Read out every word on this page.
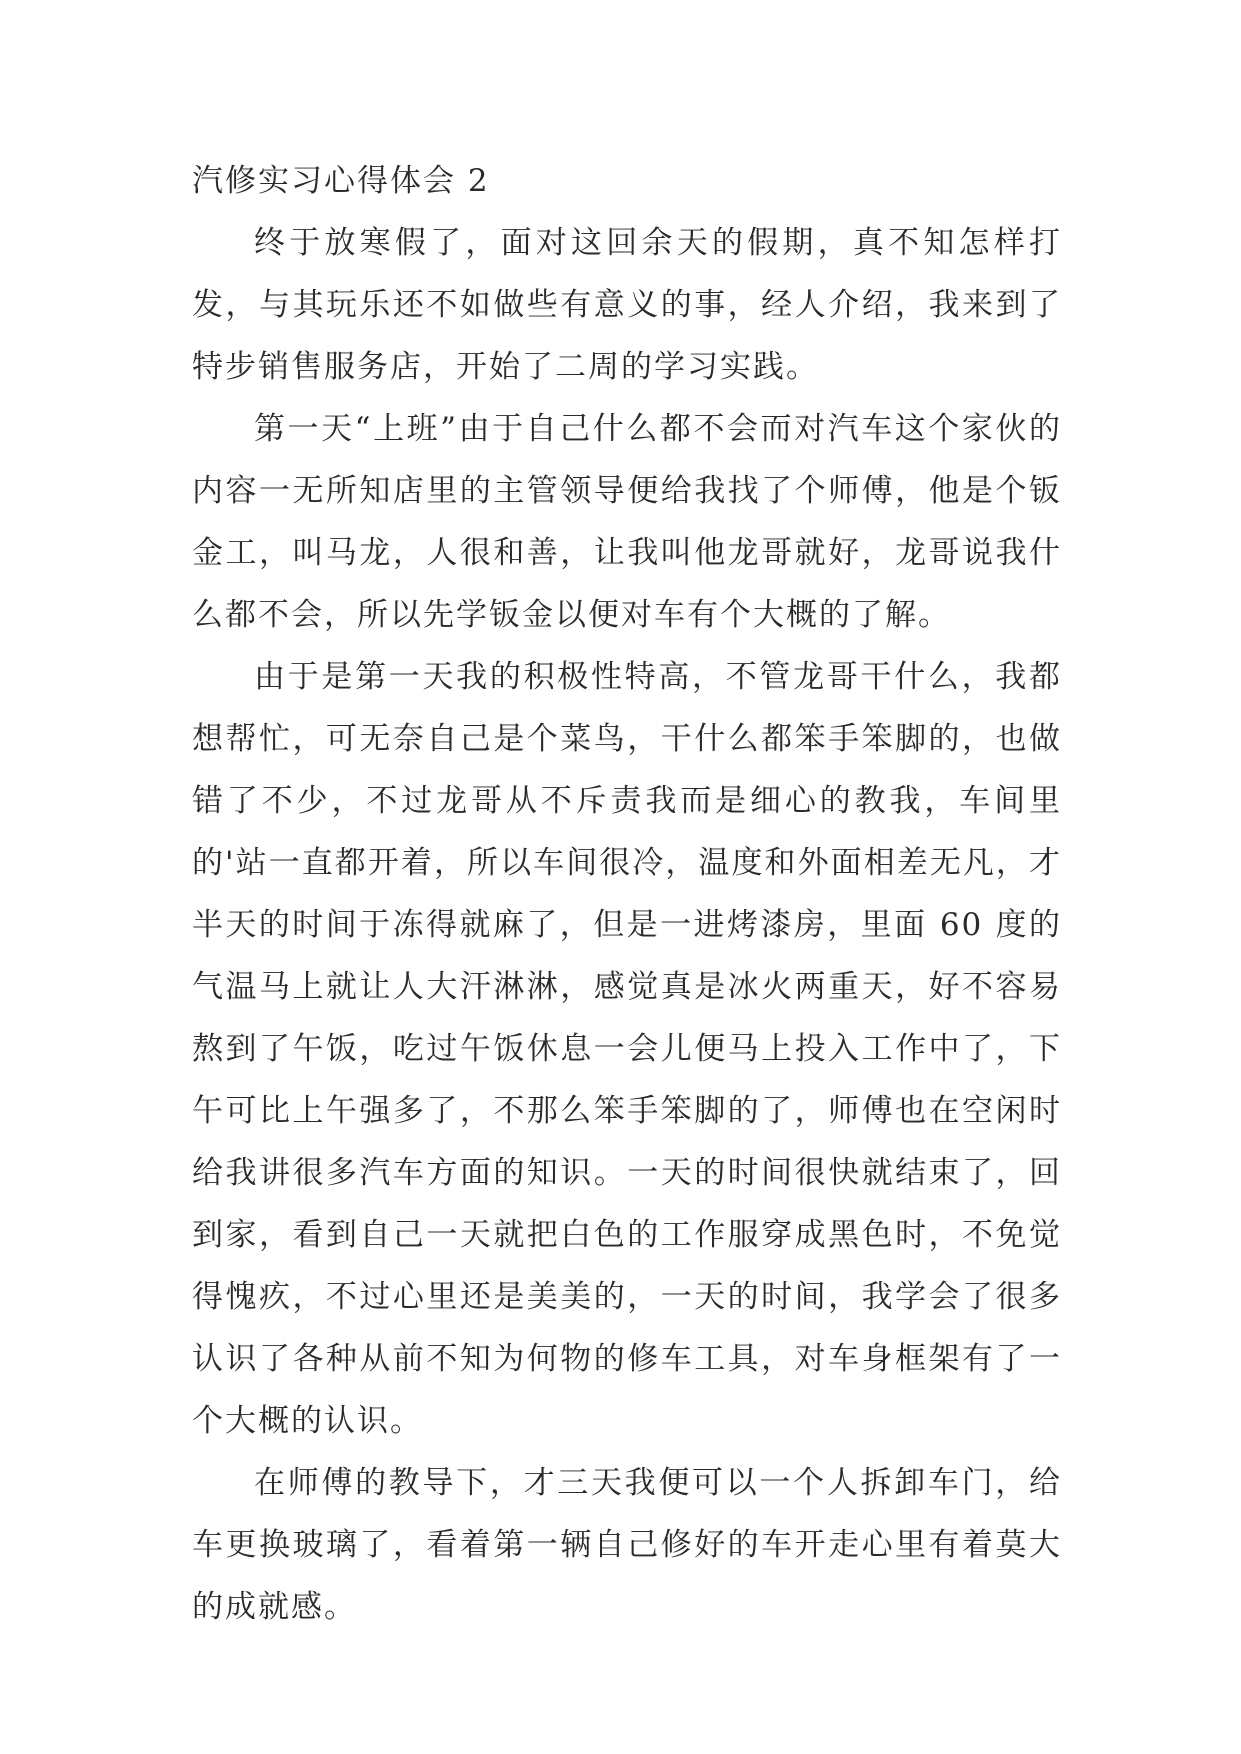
汽修实习心得体会 2

终于放寒假了，面对这回余天的假期，真不知怎样打发，与其玩乐还不如做些有意义的事，经人介绍，我来到了特步销售服务店，开始了二周的学习实践。

第一天“上班”由于自己什么都不会而对汽车这个家伙的内容一无所知店里的主管领导便给我找了个师傅，他是个钣金工，叫马龙，人很和善，让我叫他龙哥就好，龙哥说我什么都不会，所以先学钣金以便对车有个大概的了解。

由于是第一天我的积极性特高，不管龙哥干什么，我都想帮忙，可无奈自己是个菜鸟，干什么都笨手笨脚的，也做错了不少，不过龙哥从不斥责我而是细心的教我，车间里的'站一直都开着，所以车间很冷，温度和外面相差无凡，才半天的时间于冻得就麻了，但是一进烤漆房，里面 60 度的气温马上就让人大汗淋淋，感觉真是冰火两重天，好不容易熬到了午饭，吃过午饭休息一会儿便马上投入工作中了，下午可比上午强多了，不那么笨手笨脚的了，师傅也在空闲时给我讲很多汽车方面的知识。一天的时间很快就结束了，回到家，看到自己一天就把白色的工作服穿成黑色时，不免觉得愧疚，不过心里还是美美的，一天的时间，我学会了很多认识了各种从前不知为何物的修车工具，对车身框架有了一个大概的认识。

在师傅的教导下，才三天我便可以一个人拆卸车门，给车更换玻璃了，看着第一辆自己修好的车开走心里有着莫大的成就感。
